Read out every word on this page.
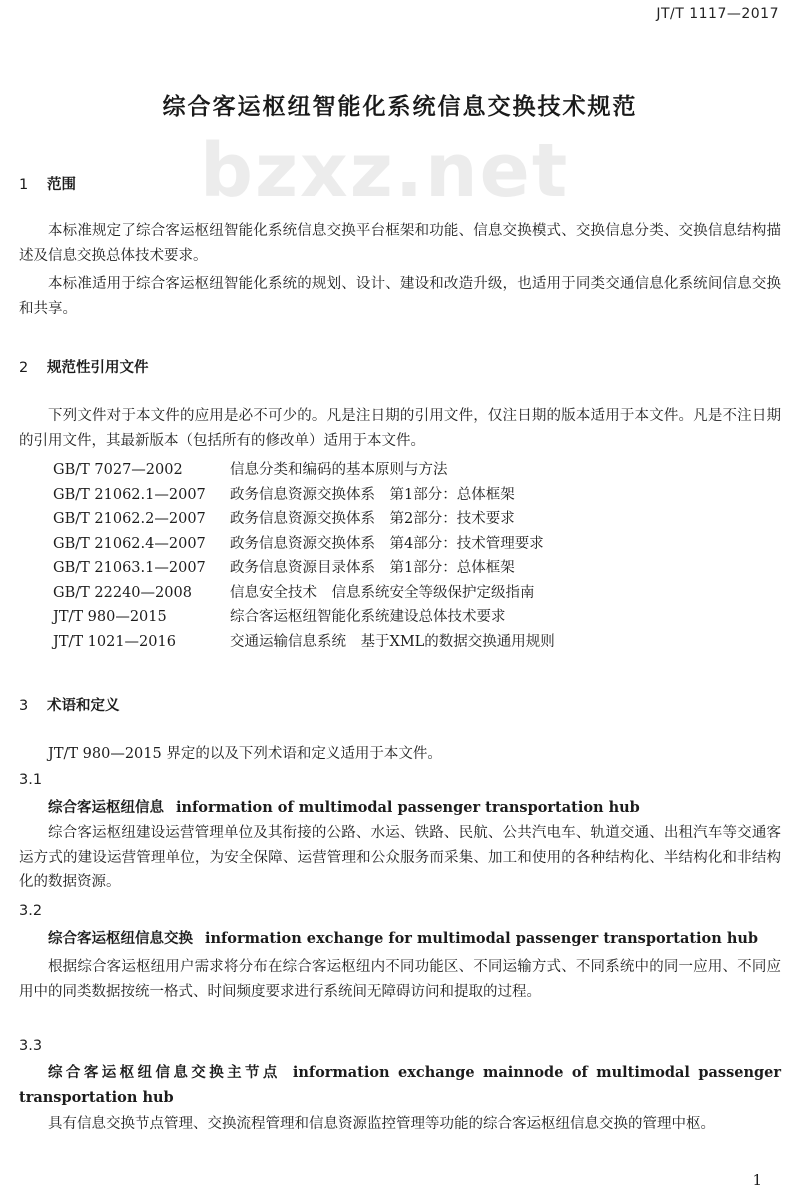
JT/T 1117—2017
bzxz.net
综合客运枢纽智能化系统信息交换技术规范
1 范围
本标准规定了综合客运枢纽智能化系统信息交换平台框架和功能、信息交换模式、交换信息分类、交换信息结构描述及信息交换总体技术要求。
本标准适用于综合客运枢纽智能化系统的规划、设计、建设和改造升级，也适用于同类交通信息化系统间信息交换和共享。
2 规范性引用文件
下列文件对于本文件的应用是必不可少的。凡是注日期的引用文件，仅注日期的版本适用于本文件。凡是不注日期的引用文件，其最新版本（包括所有的修改单）适用于本文件。
GB/T 7027—2002	信息分类和编码的基本原则与方法
GB/T 21062.1—2007 政务信息资源交换体系　第1部分：总体框架
GB/T 21062.2—2007 政务信息资源交换体系　第2部分：技术要求
GB/T 21062.4—2007 政务信息资源交换体系　第4部分：技术管理要求
GB/T 21063.1—2007 政务信息资源目录体系　第1部分：总体框架
GB/T 22240—2008	信息安全技术　信息系统安全等级保护定级指南
JT/T 980—2015	综合客运枢纽智能化系统建设总体技术要求
JT/T 1021—2016	交通运输信息系统　基于XML的数据交换通用规则
3 术语和定义
JT/T 980—2015 界定的以及下列术语和定义适用于本文件。
3.1
综合客运枢纽信息 information of multimodal passenger transportation hub
综合客运枢纽建设运营管理单位及其衔接的公路、水运、铁路、民航、公共汽电车、轨道交通、出租汽车等交通客运方式的建设运营管理单位，为安全保障、运营管理和公众服务而采集、加工和使用的各种结构化、半结构化和非结构化的数据资源。
3.2
综合客运枢纽信息交换 information exchange for multimodal passenger transportation hub
根据综合客运枢纽用户需求将分布在综合客运枢纽内不同功能区、不同运输方式、不同系统中的同一应用、不同应用中的同类数据按统一格式、时间频度要求进行系统间无障碍访问和提取的过程。
3.3
综合客运枢纽信息交换主节点 information exchange mainnode of multimodal passenger transportation hub
具有信息交换节点管理、交换流程管理和信息资源监控管理等功能的综合客运枢纽信息交换的管理中枢。
1
